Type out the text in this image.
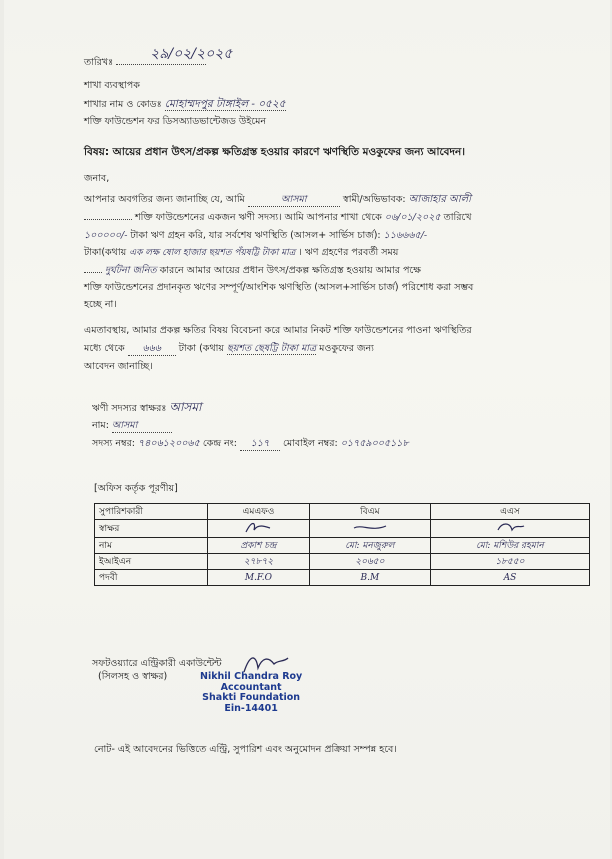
তারিখঃ
২৯/০২/২০২৫
শাখা ব্যবস্থাপক
শাখার নাম ও কোডঃ মোহাম্মদপুর টাঙ্গাইল - ০৫২৫
শক্তি ফাউন্ডেশন ফর ডিসঅ্যাডভান্টেজড উইমেন
বিষয়: আয়ের প্রধান উৎস/প্রকল্প ক্ষতিগ্রস্ত হওয়ার কারণে ঋণস্থিতি মওকুফের জন্য আবেদন।
জনাব,
আপনার অবগতির জন্য জানাচ্ছি যে, আমি	আসমা	স্বামী/অভিভাবক: আজাহার আলী
শক্তি ফাউন্ডেশনের একজন ঋণী সদস্য। আমি আপনার শাখা থেকে ০৬/০১/২০২৫ তারিখে
১০০০০০/- টাকা ঋণ গ্রহন করি, যার সর্বশেষ ঋণস্থিতি (আসল+ সার্ভিস চার্জ): ১১৬৬৬৫/-
টাকা(কথায় এক লক্ষ ষোল হাজার ছয়শত পঁয়ষট্টি টাকা মাত্র । ঋণ গ্রহণের পরবর্তী সময়
দুর্ঘটনা জনিত কারনে আমার আয়ের প্রধান উৎস/প্রকল্প ক্ষতিগ্রস্ত হওয়ায় আমার পক্ষে
শক্তি ফাউন্ডেশনের প্রদানকৃত ঋণের সম্পূর্ণ/আংশিক ঋণস্থিতি (আসল+সার্ভিস চার্জ) পরিশোধ করা সম্ভব
হচ্ছে না।
এমতাবস্থায়, আমার প্রকল্প ক্ষতির বিষয় বিবেচনা করে আমার নিকট শক্তি ফাউন্ডেশনের পাওনা ঋণস্থিতির
মধ্যে থেকে ৬৬৬ টাকা (কথায় ছয়শত ছেষট্টি টাকা মাত্র মওকুফের জন্য
আবেদন জানাচ্ছি।
ঋণী সদস্যর স্বাক্ষরঃ আসমা
নাম: আসমা
সদস্য নম্বর: ৭৪০৬১২০০৬৫ কেন্দ্র নং: ১১৭ মোবাইল নম্বর: ০১৭৫৯০০৫১১৮
[অফিস কর্তৃক পূরণীয়]
সুপারিশকারী	এমএফও	বিএম	এএস
স্বাক্ষর			
নাম	প্রকাশ চন্দ্র	মো: মনজুরুল	মো: মশিউর রহমান
ইআইএন	২৭৮৭২	২০৬৫০	১৮৫৫০
পদবী	M.F.O	B.M	AS
সফটওয়্যারে এন্ট্রিকারী একাউন্টেন্ট
(সিলসহ ও স্বাক্ষর)	Nikhil Chandra Roy
Accountant
Shakti Foundation
Ein-14401
নোট- এই আবেদনের ভিত্তিতে এন্ট্রি, সুপারিশ এবং অনুমোদন প্রক্রিয়া সম্পন্ন হবে।
